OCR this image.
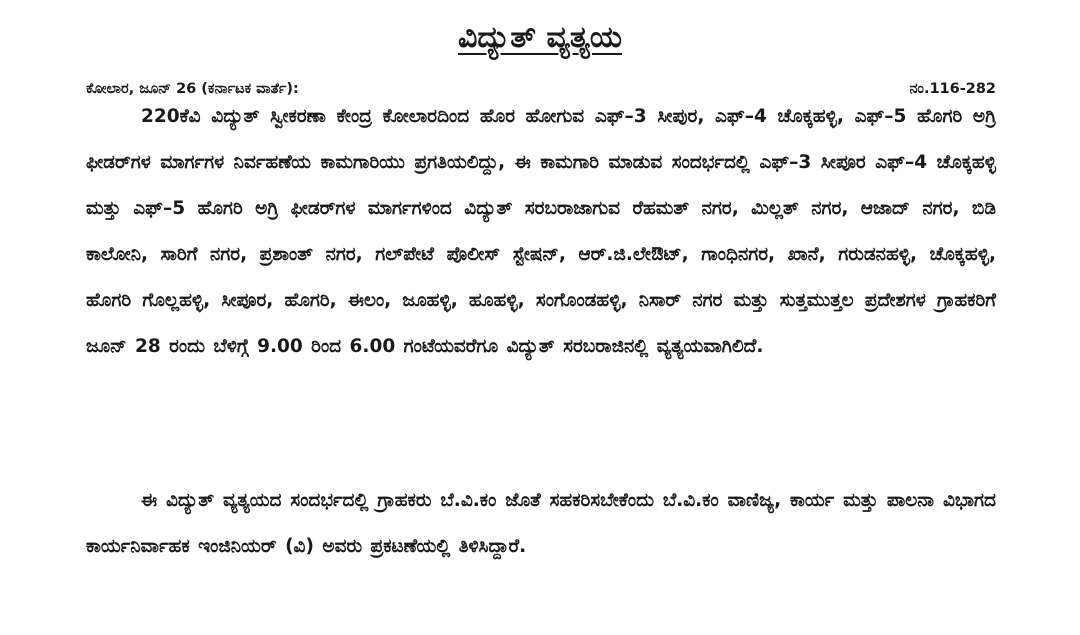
ವಿದ್ಯುತ್ ವ್ಯತ್ಯಯ
ಕೋಲಾರ, ಜೂನ್ 26 (ಕರ್ನಾಟಕ ವಾರ್ತೆ):	ನಂ.116-282

220ಕೆವಿ ವಿದ್ಯುತ್ ಸ್ವೀಕರಣಾ ಕೇಂದ್ರ ಕೋಲಾರದಿಂದ ಹೊರ ಹೋಗುವ ಎಫ್–3 ಸೀಪುರ, ಎಫ್–4 ಚೊಕ್ಕಹಳ್ಳಿ, ಎಫ್–5 ಹೊಗರಿ ಅಗ್ರಿ ಫೀಡರ್‌ಗಳ ಮಾರ್ಗಗಳ ನಿರ್ವಹಣೆಯ ಕಾಮಗಾರಿಯು ಪ್ರಗತಿಯಲಿದ್ದು, ಈ ಕಾಮಗಾರಿ ಮಾಡುವ ಸಂದರ್ಭದಲ್ಲಿ ಎಫ್–3 ಸೀಪೂರ ಎಫ್–4 ಚೊಕ್ಕಹಳ್ಳಿ ಮತ್ತು ಎಫ್–5 ಹೊಗರಿ ಅಗ್ರಿ ಫೀಡರ್‌ಗಳ ಮಾರ್ಗಗಳಿಂದ ವಿದ್ಯುತ್ ಸರಬರಾಜಾಗುವ ರೆಹಮತ್ ನಗರ, ಮಿಲ್ಲತ್ ನಗರ, ಆಜಾದ್ ನಗರ, ಬಿಡಿ ಕಾಲೋನಿ, ಸಾರಿಗೆ ನಗರ, ಪ್ರಶಾಂತ್ ನಗರ, ಗಲ್‌ಪೇಟೆ ಪೊಲೀಸ್ ಸ್ಟೇಷನ್, ಆರ್.ಜಿ.ಲೇಔಟ್, ಗಾಂಧಿನಗರ, ಖಾನೆ, ಗರುಡನಹಳ್ಳಿ, ಚೊಕ್ಕಹಳ್ಳಿ, ಹೊಗರಿ ಗೊಲ್ಲಹಳ್ಳಿ, ಸೀಪೂರ, ಹೊಗರಿ, ಈಲಂ, ಜೂಹಳ್ಳಿ, ಹೂಹಳ್ಳಿ, ಸಂಗೊಂಡಹಳ್ಳಿ, ನಿಸಾರ್ ನಗರ ಮತ್ತು ಸುತ್ತಮುತ್ತಲ ಪ್ರದೇಶಗಳ ಗ್ರಾಹಕರಿಗೆ ಜೂನ್ 28 ರಂದು ಬೆಳಿಗ್ಗೆ 9.00 ರಿಂದ 6.00 ಗಂಟೆಯವರೆಗೂ ವಿದ್ಯುತ್ ಸರಬರಾಜಿನಲ್ಲಿ ವ್ಯತ್ಯಯವಾಗಿಲಿದೆ.

ಈ ವಿದ್ಯುತ್ ವ್ಯತ್ಯಯದ ಸಂದರ್ಭದಲ್ಲಿ ಗ್ರಾಹಕರು ಬೆ.ವಿ.ಕಂ ಜೊತೆ ಸಹಕರಿಸಬೇಕೆಂದು ಬೆ.ವಿ.ಕಂ ವಾಣಿಜ್ಯ, ಕಾರ್ಯ ಮತ್ತು ಪಾಲನಾ ವಿಭಾಗದ ಕಾರ್ಯನಿರ್ವಾಹಕ ಇಂಜಿನಿಯರ್ (ವಿ) ಅವರು ಪ್ರಕಟಣೆಯಲ್ಲಿ ತಿಳಿಸಿದ್ದಾರೆ.
